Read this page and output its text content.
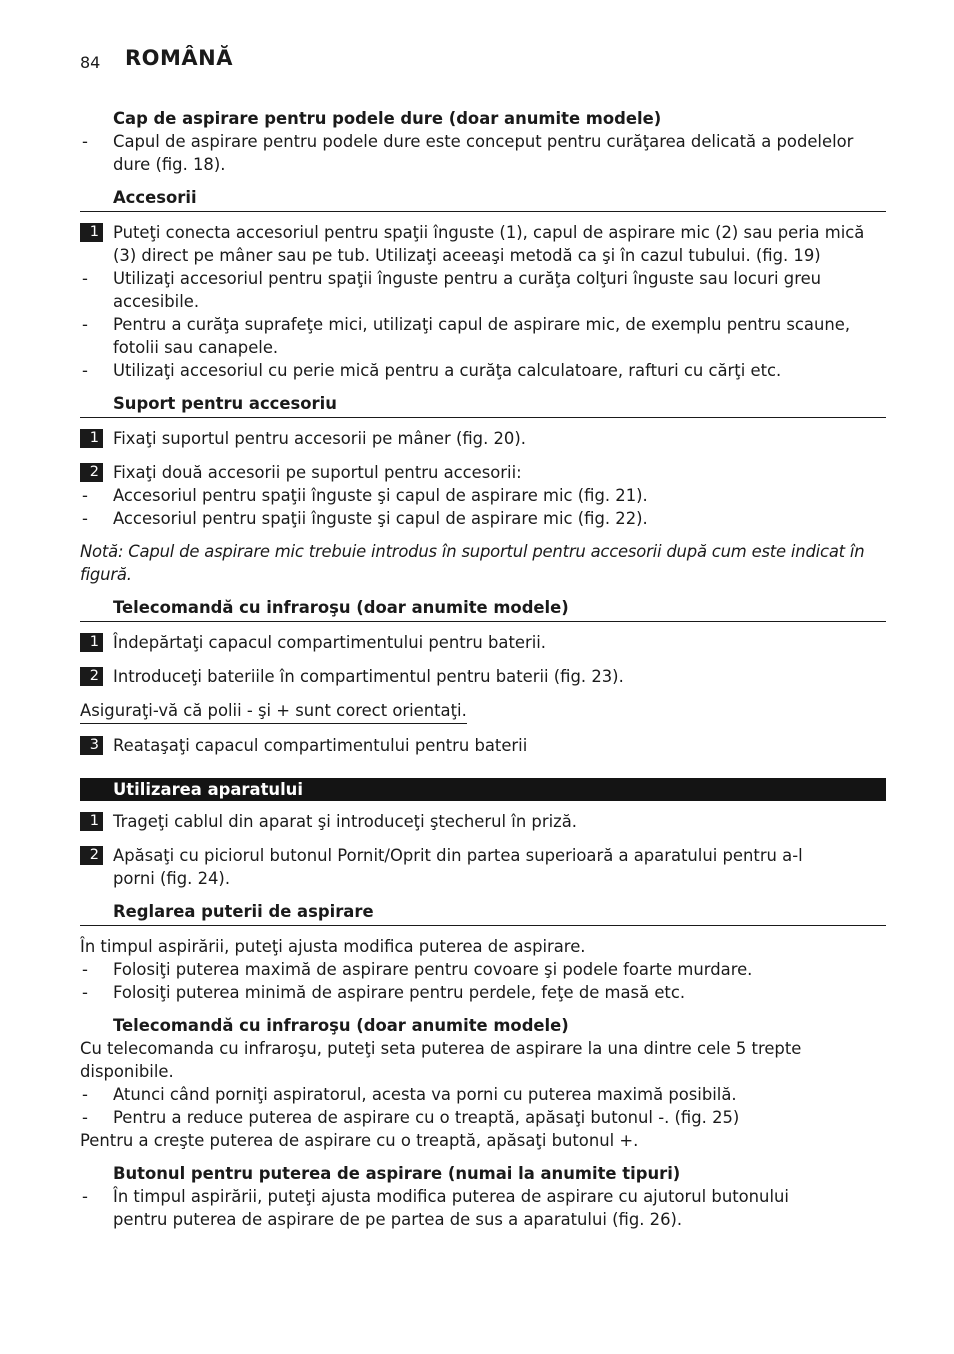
84 ROMÂNĂ
Cap de aspirare pentru podele dure (doar anumite modele)
- Capul de aspirare pentru podele dure este conceput pentru curăţarea delicată a podelelor dure (fig. 18).
Accesorii
1 Puteţi conecta accesoriul pentru spaţii înguste (1), capul de aspirare mic (2) sau peria mică (3) direct pe mâner sau pe tub. Utilizaţi aceeaşi metodă ca şi în cazul tubului. (fig. 19)
- Utilizaţi accesoriul pentru spaţii înguste pentru a curăţa colţuri înguste sau locuri greu accesibile.
- Pentru a curăţa suprafeţe mici, utilizaţi capul de aspirare mic, de exemplu pentru scaune, fotolii sau canapele.
- Utilizaţi accesoriul cu perie mică pentru a curăţa calculatoare, rafturi cu cărţi etc.
Suport pentru accesoriu
1 Fixaţi suportul pentru accesorii pe mâner (fig. 20).
2 Fixaţi două accesorii pe suportul pentru accesorii:
- Accesoriul pentru spaţii înguste şi capul de aspirare mic (fig. 21).
- Accesoriul pentru spaţii înguste şi capul de aspirare mic (fig. 22).
Notă: Capul de aspirare mic trebuie introdus în suportul pentru accesorii după cum este indicat în figură.
Telecomandă cu infraroşu (doar anumite modele)
1 Îndepărtaţi capacul compartimentului pentru baterii.
2 Introduceţi bateriile în compartimentul pentru baterii (fig. 23).
Asiguraţi-vă că polii - şi + sunt corect orientaţi.
3 Reataşaţi capacul compartimentului pentru baterii
Utilizarea aparatului
1 Trageţi cablul din aparat şi introduceţi ştecherul în priză.
2 Apăsaţi cu piciorul butonul Pornit/Oprit din partea superioară a aparatului pentru a-l porni (fig. 24).
Reglarea puterii de aspirare
În timpul aspirării, puteţi ajusta modifica puterea de aspirare.
- Folosiţi puterea maximă de aspirare pentru covoare şi podele foarte murdare.
- Folosiţi puterea minimă de aspirare pentru perdele, feţe de masă etc.
Telecomandă cu infraroşu (doar anumite modele)
Cu telecomanda cu infraroşu, puteţi seta puterea de aspirare la una dintre cele 5 trepte disponibile.
- Atunci când porniţi aspiratorul, acesta va porni cu puterea maximă posibilă.
- Pentru a reduce puterea de aspirare cu o treaptă, apăsaţi butonul -. (fig. 25)
Pentru a creşte puterea de aspirare cu o treaptă, apăsaţi butonul +.
Butonul pentru puterea de aspirare (numai la anumite tipuri)
- În timpul aspirării, puteţi ajusta modifica puterea de aspirare cu ajutorul butonului pentru puterea de aspirare de pe partea de sus a aparatului (fig. 26).
